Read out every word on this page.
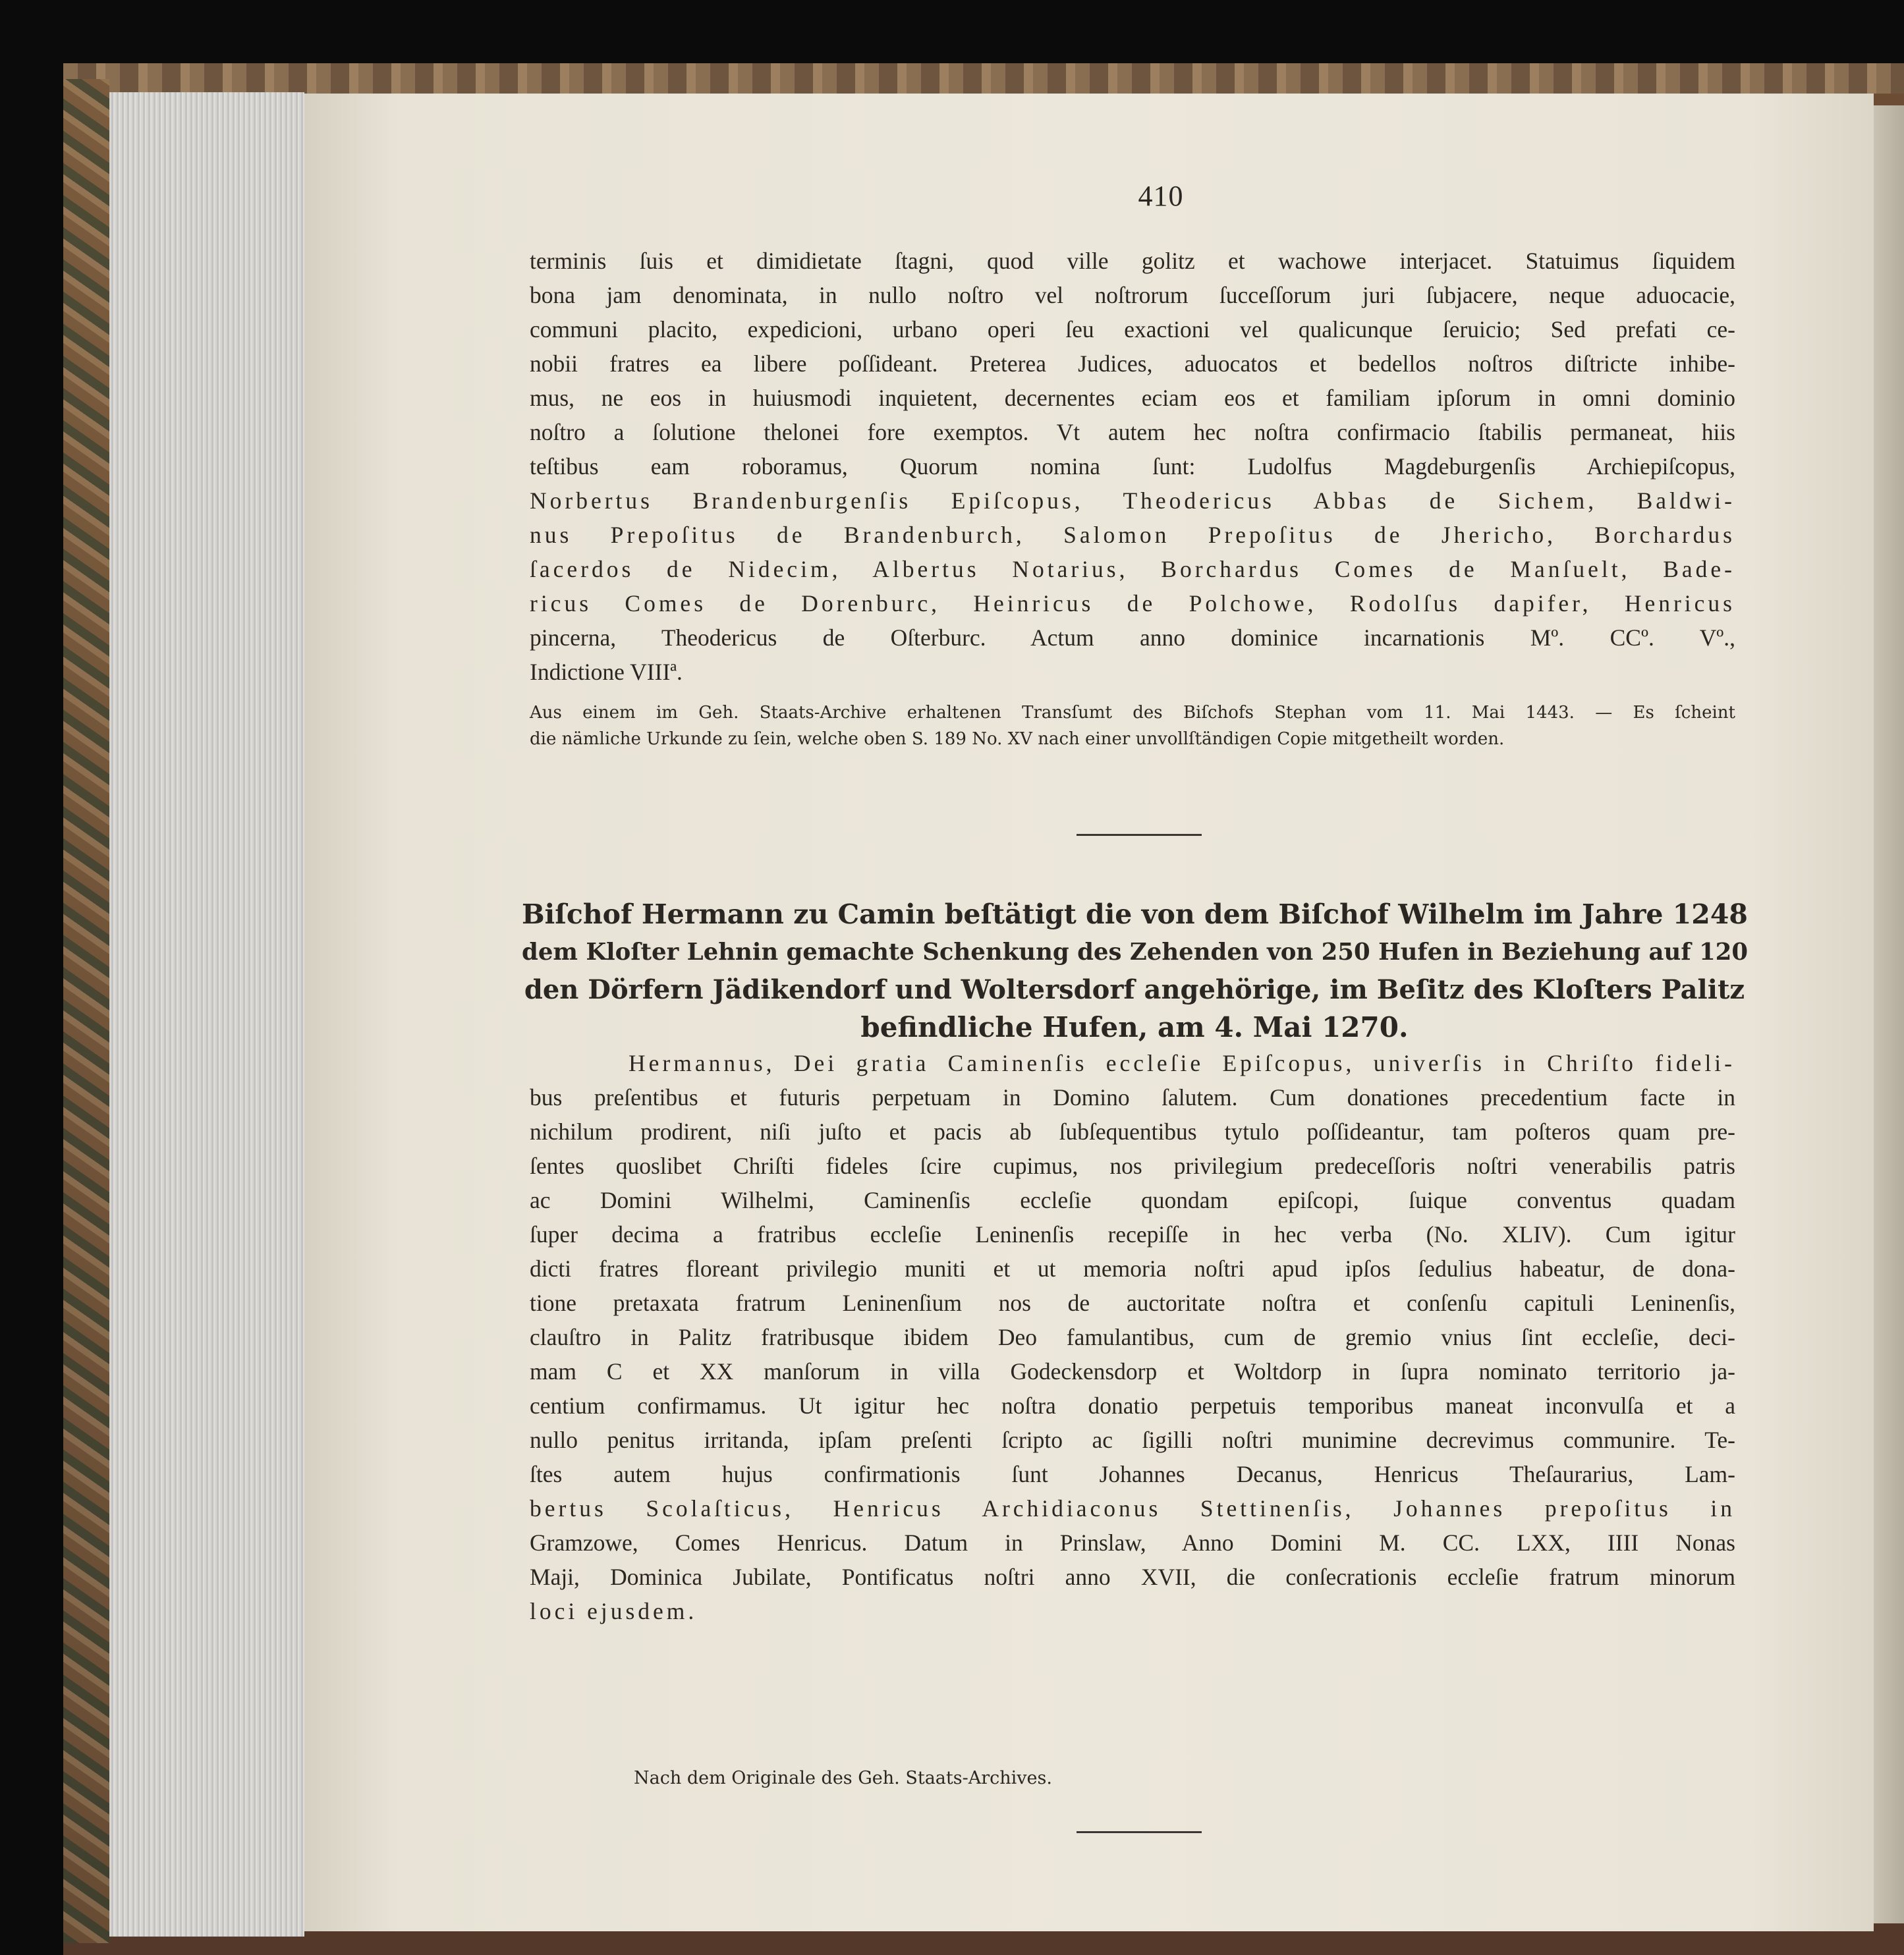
410
terminis ſuis et dimidietate ſtagni, quod ville golitz et wachowe interjacet. Statuimus ſiquidem
bona jam denominata, in nullo noſtro vel noſtrorum ſucceſſorum juri ſubjacere, neque aduocacie,
communi placito, expedicioni, urbano operi ſeu exactioni vel qualicunque ſeruicio; Sed prefati ce-
nobii fratres ea libere poſſideant. Preterea Judices, aduocatos et bedellos noſtros diſtricte inhibe-
mus, ne eos in huiusmodi inquietent, decernentes eciam eos et familiam ipſorum in omni dominio
noſtro a ſolutione thelonei fore exemptos. Vt autem hec noſtra confirmacio ſtabilis permaneat, hiis
teſtibus eam roboramus, Quorum nomina ſunt: Ludolfus Magdeburgenſis Archiepiſcopus,
Norbertus Brandenburgenſis Epiſcopus, Theodericus Abbas de Sichem, Baldwi-
nus Prepoſitus de Brandenburch, Salomon Prepoſitus de Jhericho, Borchardus
ſacerdos de Nidecim, Albertus Notarius, Borchardus Comes de Manſuelt, Bade-
ricus Comes de Dorenburc, Heinricus de Polchowe, Rodolſus dapifer, Henricus
pincerna, Theodericus de Oſterburc. Actum anno dominice incarnationis Mº. CCº. Vº.,
Indictione VIIIª.
Aus einem im Geh. Staats-Archive erhaltenen Transſumt des Biſchofs Stephan vom 11. Mai 1443. — Es ſcheint
die nämliche Urkunde zu ſein, welche oben S. 189 No. XV nach einer unvollſtändigen Copie mitgetheilt worden.
Biſchof Hermann zu Camin beſtätigt die von dem Biſchof Wilhelm im Jahre 1248
dem Kloſter Lehnin gemachte Schenkung des Zehenden von 250 Hufen in Beziehung auf 120
den Dörfern Jädikendorf und Woltersdorf angehörige, im Beſitz des Kloſters Palitz
befindliche Hufen, am 4. Mai 1270.
Hermannus, Dei gratia Caminenſis eccleſie Epiſcopus, univerſis in Chriſto fideli-
bus preſentibus et futuris perpetuam in Domino ſalutem. Cum donationes precedentium facte in
nichilum prodirent, niſi juſto et pacis ab ſubſequentibus tytulo poſſideantur, tam poſteros quam pre-
ſentes quoslibet Chriſti fideles ſcire cupimus, nos privilegium predeceſſoris noſtri venerabilis patris
ac Domini Wilhelmi, Caminenſis eccleſie quondam epiſcopi, ſuique conventus quadam
ſuper decima a fratribus eccleſie Leninenſis recepiſſe in hec verba (No. XLIV). Cum igitur
dicti fratres floreant privilegio muniti et ut memoria noſtri apud ipſos ſedulius habeatur, de dona-
tione pretaxata fratrum Leninenſium nos de auctoritate noſtra et conſenſu capituli Leninenſis,
clauſtro in Palitz fratribusque ibidem Deo famulantibus, cum de gremio vnius ſint eccleſie, deci-
mam C et XX manſorum in villa Godeckensdorp et Woltdorp in ſupra nominato territorio ja-
centium confirmamus. Ut igitur hec noſtra donatio perpetuis temporibus maneat inconvulſa et a
nullo penitus irritanda, ipſam preſenti ſcripto ac ſigilli noſtri munimine decrevimus communire. Te-
ſtes autem hujus confirmationis ſunt Johannes Decanus, Henricus Theſaurarius, Lam-
bertus Scolaſticus, Henricus Archidiaconus Stettinenſis, Johannes prepoſitus in
Gramzowe, Comes Henricus. Datum in Prinslaw, Anno Domini M. CC. LXX, IIII Nonas
Maji, Dominica Jubilate, Pontificatus noſtri anno XVII, die conſecrationis eccleſie fratrum minorum
loci ejusdem.
Nach dem Originale des Geh. Staats-Archives.
